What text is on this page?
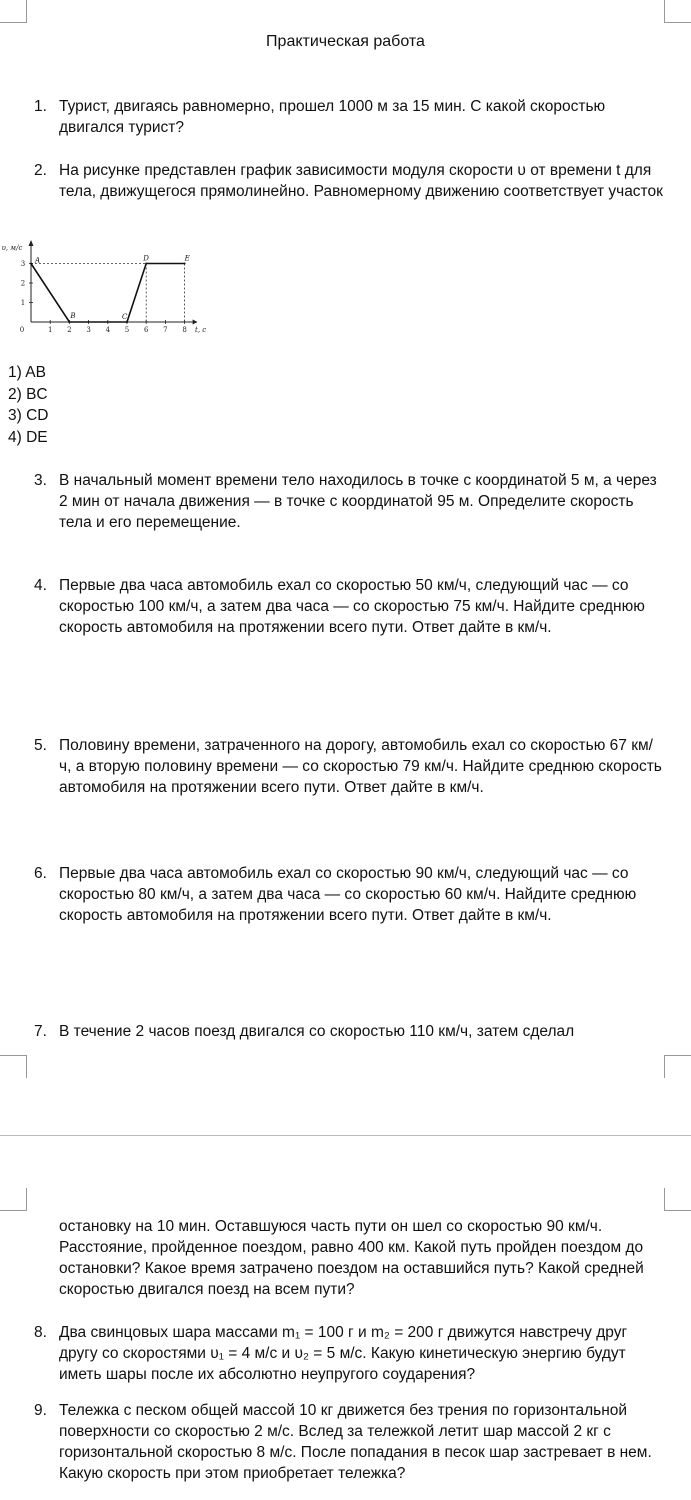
Практическая работа
1. Турист, двигаясь равномерно, прошел 1000 м за 15 мин. С какой скоростью двигался турист?
2. На рисунке представлен график зависимости модуля скорости υ от времени t для тела, движущегося прямолинейно. Равномерному движению соответствует участок
0	1 2 3 4 5 6 7 8
1
2
3
t, c
υ, м/с
A
B	C
D	E
1) AB
2) BC
3) CD
4) DE
3. В начальный момент времени тело находилось в точке с координатой 5 м, а через 2 мин от начала движения — в точке с координатой 95 м. Определите скорость тела и его перемещение.
4. Первые два часа автомобиль ехал со скоростью 50 км/ч, следующий час — со скоростью 100 км/ч, а затем два часа — со скоростью 75 км/ч. Найдите среднюю скорость автомобиля на протяжении всего пути. Ответ дайте в км/ч.
5. Половину времени, затраченного на дорогу, автомобиль ехал со скоростью 67 км/ч, а вторую половину времени — со скоростью 79 км/ч. Найдите среднюю скорость автомобиля на протяжении всего пути. Ответ дайте в км/ч.
6. Первые два часа автомобиль ехал со скоростью 90 км/ч, следующий час — со скоростью 80 км/ч, а затем два часа — со скоростью 60 км/ч. Найдите среднюю скорость автомобиля на протяжении всего пути. Ответ дайте в км/ч.
7. В течение 2 часов поезд двигался со скоростью 110 км/ч, затем сделал
остановку на 10 мин. Оставшуюся часть пути он шел со скоростью 90 км/ч. Расстояние, пройденное поездом, равно 400 км. Какой путь пройден поездом до остановки? Какое время затрачено поездом на оставшийся путь? Какой средней скоростью двигался поезд на всем пути?
8. Два свинцовых шара массами m₁ = 100 г и m₂ = 200 г движутся навстречу друг другу со скоростями υ₁ = 4 м/с и υ₂ = 5 м/с. Какую кинетическую энергию будут иметь шары после их абсолютно неупругого соударения?
9. Тележка с песком общей массой 10 кг движется без трения по горизонтальной поверхности со скоростью 2 м/с. Вслед за тележкой летит шар массой 2 кг с горизонтальной скоростью 8 м/с. После попадания в песок шар застревает в нем. Какую скорость при этом приобретает тележка?
